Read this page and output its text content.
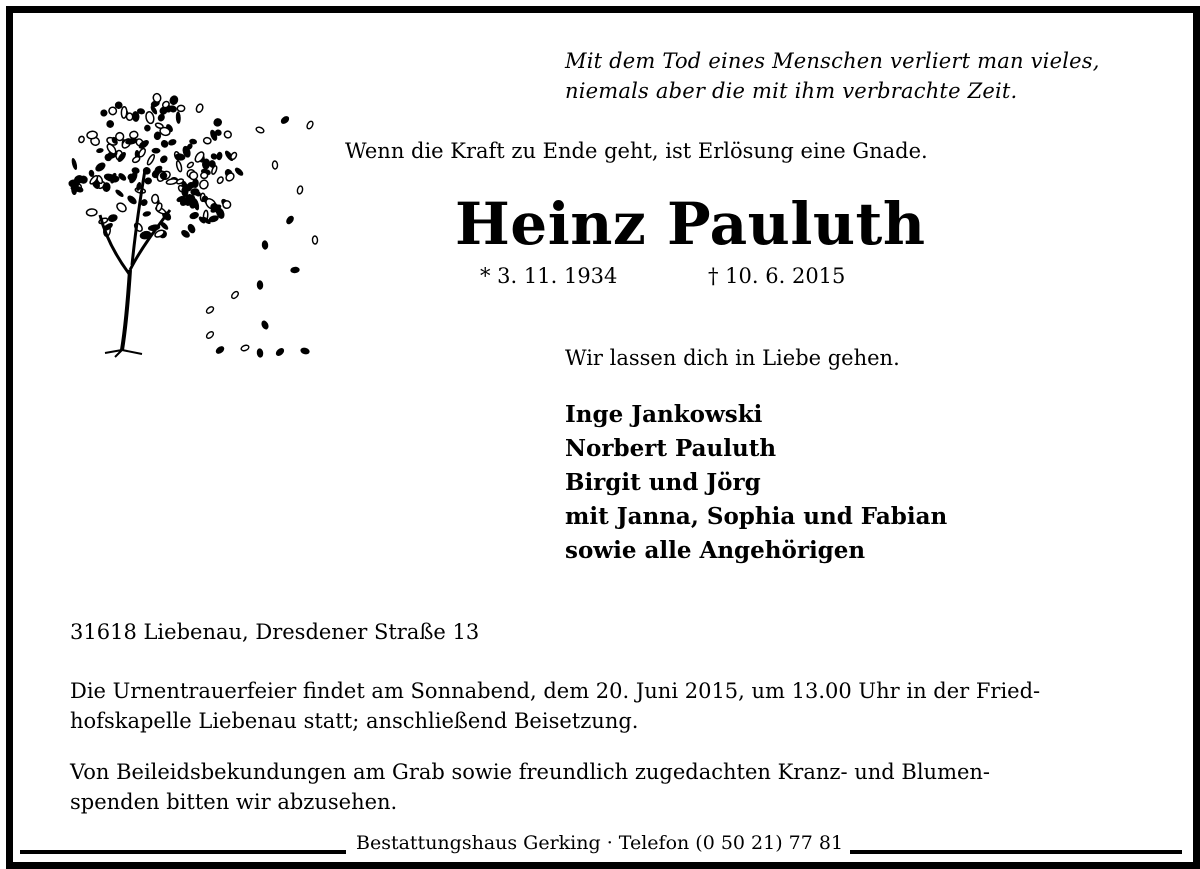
Mit dem Tod eines Menschen verliert man vieles,
niemals aber die mit ihm verbrachte Zeit.
Wenn die Kraft zu Ende geht, ist Erlösung eine Gnade.
Heinz Pauluth
* 3. 11. 1934	† 10. 6. 2015
Wir lassen dich in Liebe gehen.
Inge Jankowski
Norbert Pauluth
Birgit und Jörg
mit Janna, Sophia und Fabian
sowie alle Angehörigen
31618 Liebenau, Dresdener Straße 13
Die Urnentrauerfeier findet am Sonnabend, dem 20. Juni 2015, um 13.00 Uhr in der Fried-
hofskapelle Liebenau statt; anschließend Beisetzung.
Von Beileidsbekundungen am Grab sowie freundlich zugedachten Kranz- und Blumen-
spenden bitten wir abzusehen.
Bestattungshaus Gerking · Telefon (0 50 21) 77 81
